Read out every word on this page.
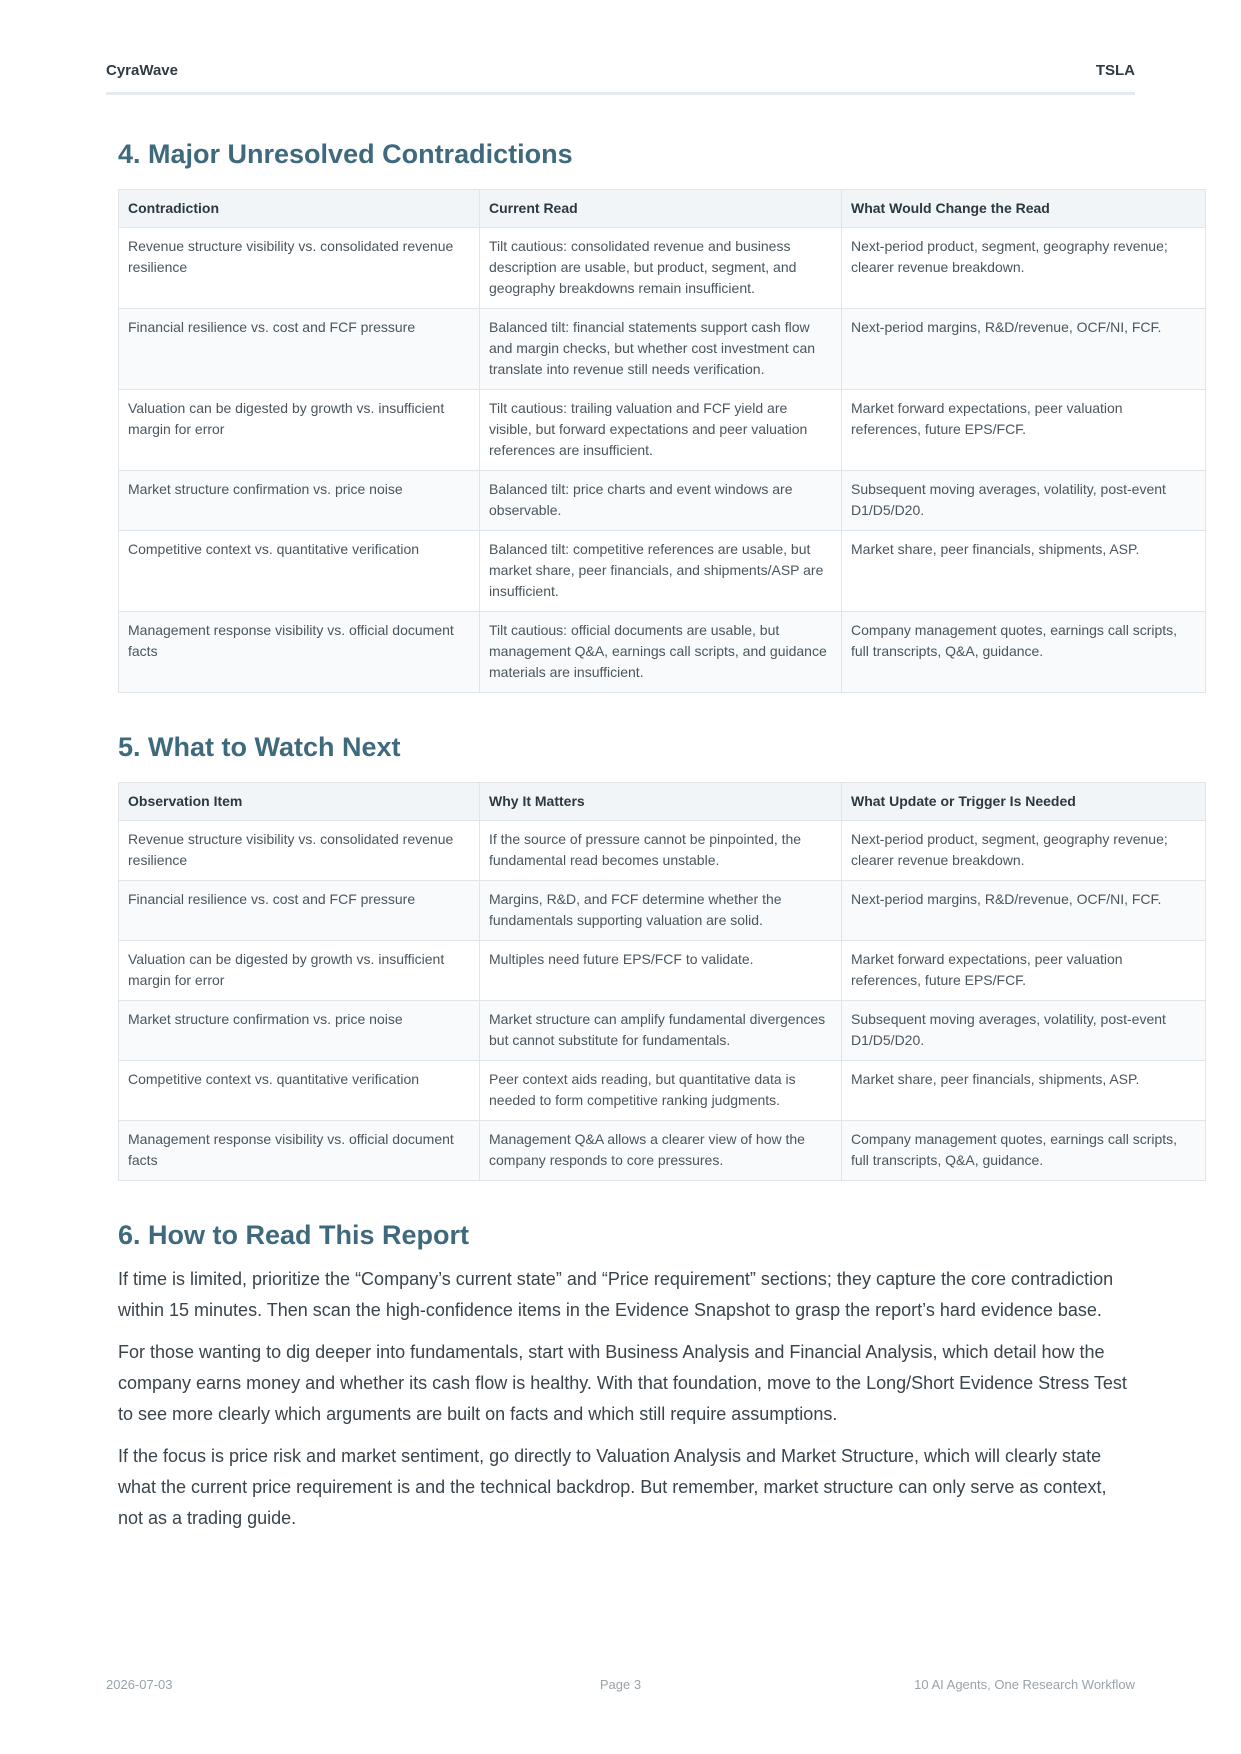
CyraWave	TSLA
4. Major Unresolved Contradictions
Contradiction	Current Read	What Would Change the Read
Revenue structure visibility vs. consolidated revenue resilience	Tilt cautious: consolidated revenue and business description are usable, but product, segment, and geography breakdowns remain insufficient.	Next-period product, segment, geography revenue; clearer revenue breakdown.
Financial resilience vs. cost and FCF pressure	Balanced tilt: financial statements support cash flow and margin checks, but whether cost investment can translate into revenue still needs verification.	Next-period margins, R&D/revenue, OCF/NI, FCF.
Valuation can be digested by growth vs. insufficient margin for error	Tilt cautious: trailing valuation and FCF yield are visible, but forward expectations and peer valuation references are insufficient.	Market forward expectations, peer valuation references, future EPS/FCF.
Market structure confirmation vs. price noise	Balanced tilt: price charts and event windows are observable.	Subsequent moving averages, volatility, post-event D1/D5/D20.
Competitive context vs. quantitative verification	Balanced tilt: competitive references are usable, but market share, peer financials, and shipments/ASP are insufficient.	Market share, peer financials, shipments, ASP.
Management response visibility vs. official document facts	Tilt cautious: official documents are usable, but management Q&A, earnings call scripts, and guidance materials are insufficient.	Company management quotes, earnings call scripts, full transcripts, Q&A, guidance.
5. What to Watch Next
Observation Item	Why It Matters	What Update or Trigger Is Needed
Revenue structure visibility vs. consolidated revenue resilience	If the source of pressure cannot be pinpointed, the fundamental read becomes unstable.	Next-period product, segment, geography revenue; clearer revenue breakdown.
Financial resilience vs. cost and FCF pressure	Margins, R&D, and FCF determine whether the fundamentals supporting valuation are solid.	Next-period margins, R&D/revenue, OCF/NI, FCF.
Valuation can be digested by growth vs. insufficient margin for error	Multiples need future EPS/FCF to validate.	Market forward expectations, peer valuation references, future EPS/FCF.
Market structure confirmation vs. price noise	Market structure can amplify fundamental divergences but cannot substitute for fundamentals.	Subsequent moving averages, volatility, post-event D1/D5/D20.
Competitive context vs. quantitative verification	Peer context aids reading, but quantitative data is needed to form competitive ranking judgments.	Market share, peer financials, shipments, ASP.
Management response visibility vs. official document facts	Management Q&A allows a clearer view of how the company responds to core pressures.	Company management quotes, earnings call scripts, full transcripts, Q&A, guidance.
6. How to Read This Report

If time is limited, prioritize the “Company’s current state” and “Price requirement” sections; they capture the core contradiction within 15 minutes. Then scan the high-confidence items in the Evidence Snapshot to grasp the report’s hard evidence base.

For those wanting to dig deeper into fundamentals, start with Business Analysis and Financial Analysis, which detail how the company earns money and whether its cash flow is healthy. With that foundation, move to the Long/Short Evidence Stress Test to see more clearly which arguments are built on facts and which still require assumptions.

If the focus is price risk and market sentiment, go directly to Valuation Analysis and Market Structure, which will clearly state what the current price requirement is and the technical backdrop. But remember, market structure can only serve as context, not as a trading guide.

2026-07-03	Page 3	10 AI Agents, One Research Workflow
